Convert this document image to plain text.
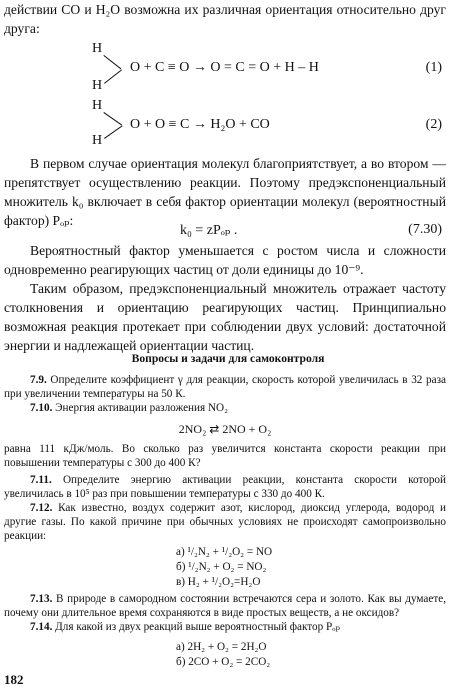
действии CO и H₂O возможна их различная ориентация относительно друг друга:

H
H
O + C ≡ O → O = C = O + H – H	(1)
H
H
O + O ≡ C → H₂O + CO	(2)

В первом случае ориентация молекул благоприятствует, а во втором — препятствует осуществлению реакции. Поэтому предэкспоненциальный множитель k₀ включает в себя фактор ориентации молекул (вероятностный фактор) Pₒₚ:

k₀ = zPₒₚ .	(7.30)

Вероятностный фактор уменьшается с ростом числа и сложности одновременно реагирующих частиц от доли единицы до 10⁻⁹.

Таким образом, предэкспоненциальный множитель отражает частоту столкновения и ориентацию реагирующих частиц. Принципиально возможная реакция протекает при соблюдении двух условий: достаточной энергии и надлежащей ориентации частиц.

Вопросы и задачи для самоконтроля

7.9. Определите коэффициент γ для реакции, скорость которой увеличилась в 32 раза при увеличении температуры на 50 К.

7.10. Энергия активации разложения NO₂

2NO₂ ⇄ 2NO + O₂

равна 111 кДж/моль. Во сколько раз увеличится константа скорости реакции при повышении температуры с 300 до 400 К?

7.11. Определите энергию активации реакции, константа скорости которой увеличилась в 10⁵ раз при повышении температуры с 330 до 400 К.

7.12. Как известно, воздух содержит азот, кислород, диоксид углерода, водород и другие газы. По какой причине при обычных условиях не происходят самопроизвольно реакции:

а) ¹/₂N₂ + ¹/₂O₂ = NO
б) ¹/₂N₂ + O₂ = NO₂
в) H₂ + ¹/₂O₂=H₂O

7.13. В природе в самородном состоянии встречаются сера и золото. Как вы думаете, почему они длительное время сохраняются в виде простых веществ, а не оксидов?

7.14. Для какой из двух реакций выше вероятностный фактор Pₒₚ

а) 2H₂ + O₂ = 2H₂O
б) 2CO + O₂ = 2CO₂
182
